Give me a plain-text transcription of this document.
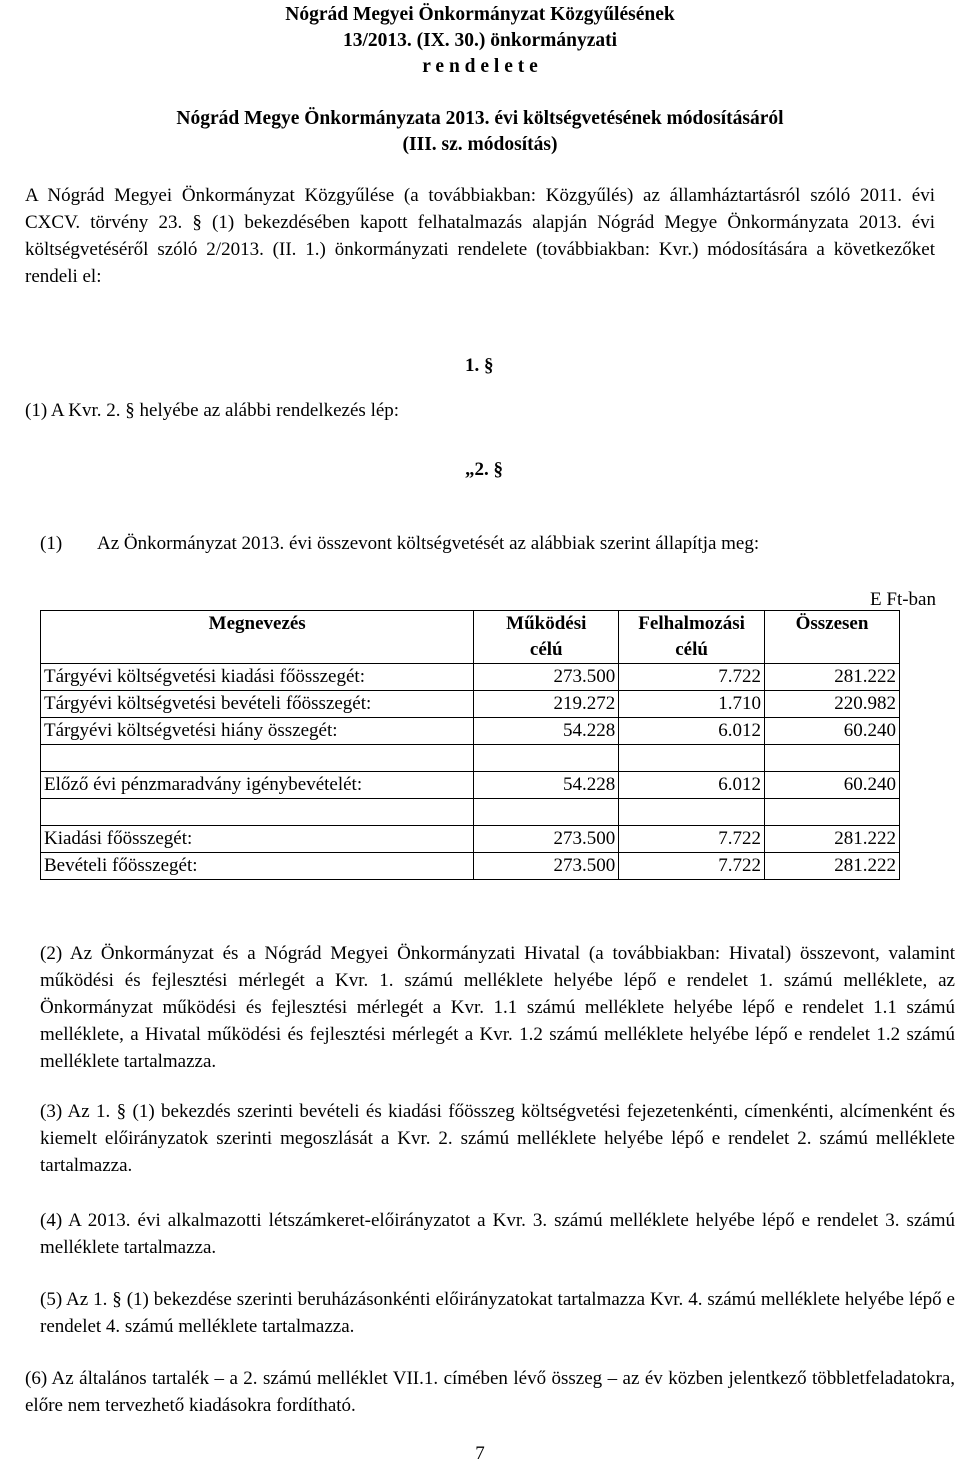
Nógrád Megyei Önkormányzat Közgyűlésének
13/2013. (IX. 30.) önkormányzati
r e n d e l e t e
Nógrád Megye Önkormányzata 2013. évi költségvetésének módosításáról
(III. sz. módosítás)
A Nógrád Megyei Önkormányzat Közgyűlése (a továbbiakban: Közgyűlés) az államháztartásról szóló 2011. évi CXCV. törvény 23. § (1) bekezdésében kapott felhatalmazás alapján Nógrád Megye Önkormányzata 2013. évi költségvetéséről szóló 2/2013. (II. 1.) önkormányzati rendelete (továbbiakban: Kvr.) módosítására a következőket rendeli el:
1. §
(1) A Kvr. 2. § helyébe az alábbi rendelkezés lép:
„2. §
(1) Az Önkormányzat 2013. évi összevont költségvetését az alábbiak szerint állapítja meg:
E Ft-ban
Megnevezés	Működési	Felhalmozási	Összesen
	célú	célú	
Tárgyévi költségvetési kiadási főösszegét:	273.500	7.722	281.222
Tárgyévi költségvetési bevételi főösszegét:	219.272	1.710	220.982
Tárgyévi költségvetési hiány összegét:	54.228	6.012	60.240

Előző évi pénzmaradvány igénybevételét:	54.228	6.012	60.240

Kiadási főösszegét:	273.500	7.722	281.222
Bevételi főösszegét:	273.500	7.722	281.222
(2) Az Önkormányzat és a Nógrád Megyei Önkormányzati Hivatal (a továbbiakban: Hivatal) összevont, valamint működési és fejlesztési mérlegét a Kvr. 1. számú melléklete helyébe lépő e rendelet 1. számú melléklete, az Önkormányzat működési és fejlesztési mérlegét a Kvr. 1.1 számú melléklete helyébe lépő e rendelet 1.1 számú melléklete, a Hivatal működési és fejlesztési mérlegét a Kvr. 1.2 számú melléklete helyébe lépő e rendelet 1.2 számú melléklete tartalmazza.
(3) Az 1. § (1) bekezdés szerinti bevételi és kiadási főösszeg költségvetési fejezetenkénti, címenkénti, alcímenként és kiemelt előirányzatok szerinti megoszlását a Kvr. 2. számú melléklete helyébe lépő e rendelet 2. számú melléklete tartalmazza.
(4) A 2013. évi alkalmazotti létszámkeret-előirányzatot a Kvr. 3. számú melléklete helyébe lépő e rendelet 3. számú melléklete tartalmazza.
(5) Az 1. § (1) bekezdése szerinti beruházásonkénti előirányzatokat tartalmazza Kvr. 4. számú melléklete helyébe lépő e rendelet 4. számú melléklete tartalmazza.
(6) Az általános tartalék – a 2. számú melléklet VII.1. címében lévő összeg – az év közben jelentkező többletfeladatokra, előre nem tervezhető kiadásokra fordítható.
7
